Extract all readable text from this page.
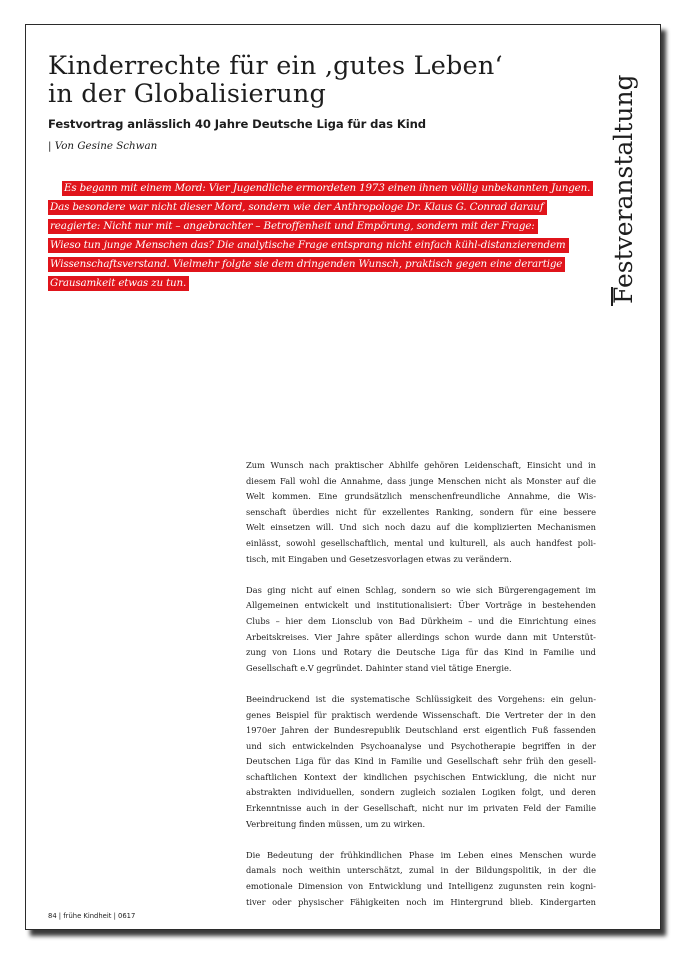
Kinderrechte für ein ‚gutes Leben‘
in der Globalisierung
Festvortrag anlässlich 40 Jahre Deutsche Liga für das Kind
| Von Gesine Schwan

Es begann mit einem Mord: Vier Jugendliche ermordeten 1973 einen ihnen völlig unbekannten Jungen.
Das besondere war nicht dieser Mord, sondern wie der Anthropologe Dr. Klaus G. Conrad darauf
reagierte: Nicht nur mit – angebrachter – Betroffenheit und Empörung, sondern mit der Frage:
Wieso tun junge Menschen das? Die analytische Frage entsprang nicht einfach kühl-distanzierendem
Wissenschaftsverstand. Vielmehr folgte sie dem dringenden Wunsch, praktisch gegen eine derartige
Grausamkeit etwas zu tun.	Festveranstaltung

Zum Wunsch nach praktischer Abhilfe gehören Leidenschaft, Einsicht und in
diesem Fall wohl die Annahme, dass junge Menschen nicht als Monster auf die
Welt kommen. Eine grundsätzlich menschenfreundliche Annahme, die Wis-
senschaft überdies nicht für exzellentes Ranking, sondern für eine bessere
Welt einsetzen will. Und sich noch dazu auf die komplizierten Mechanismen
einlässt, sowohl gesellschaftlich, mental und kulturell, als auch handfest poli-
tisch, mit Eingaben und Gesetzesvorlagen etwas zu verändern.

Das ging nicht auf einen Schlag, sondern so wie sich Bürgerengagement im
Allgemeinen entwickelt und institutionalisiert: Über Vorträge in bestehenden
Clubs – hier dem Lionsclub von Bad Dürkheim – und die Einrichtung eines
Arbeitskreises. Vier Jahre später allerdings schon wurde dann mit Unterstüt-
zung von Lions und Rotary die Deutsche Liga für das Kind in Familie und
Gesellschaft e.V gegründet. Dahinter stand viel tätige Energie.

Beeindruckend ist die systematische Schlüssigkeit des Vorgehens: ein gelun-
genes Beispiel für praktisch werdende Wissenschaft. Die Vertreter der in den
1970er Jahren der Bundesrepublik Deutschland erst eigentlich Fuß fassenden
und sich entwickelnden Psychoanalyse und Psychotherapie begriffen in der
Deutschen Liga für das Kind in Familie und Gesellschaft sehr früh den gesell-
schaftlichen Kontext der kindlichen psychischen Entwicklung, die nicht nur
abstrakten individuellen, sondern zugleich sozialen Logiken folgt, und deren
Erkenntnisse auch in der Gesellschaft, nicht nur im privaten Feld der Familie
Verbreitung finden müssen, um zu wirken.

Die Bedeutung der frühkindlichen Phase im Leben eines Menschen wurde
damals noch weithin unterschätzt, zumal in der Bildungspolitik, in der die
emotionale Dimension von Entwicklung und Intelligenz zugunsten rein kogni-
tiver oder physischer Fähigkeiten noch im Hintergrund blieb. Kindergarten

84 | frühe Kindheit | 0617
